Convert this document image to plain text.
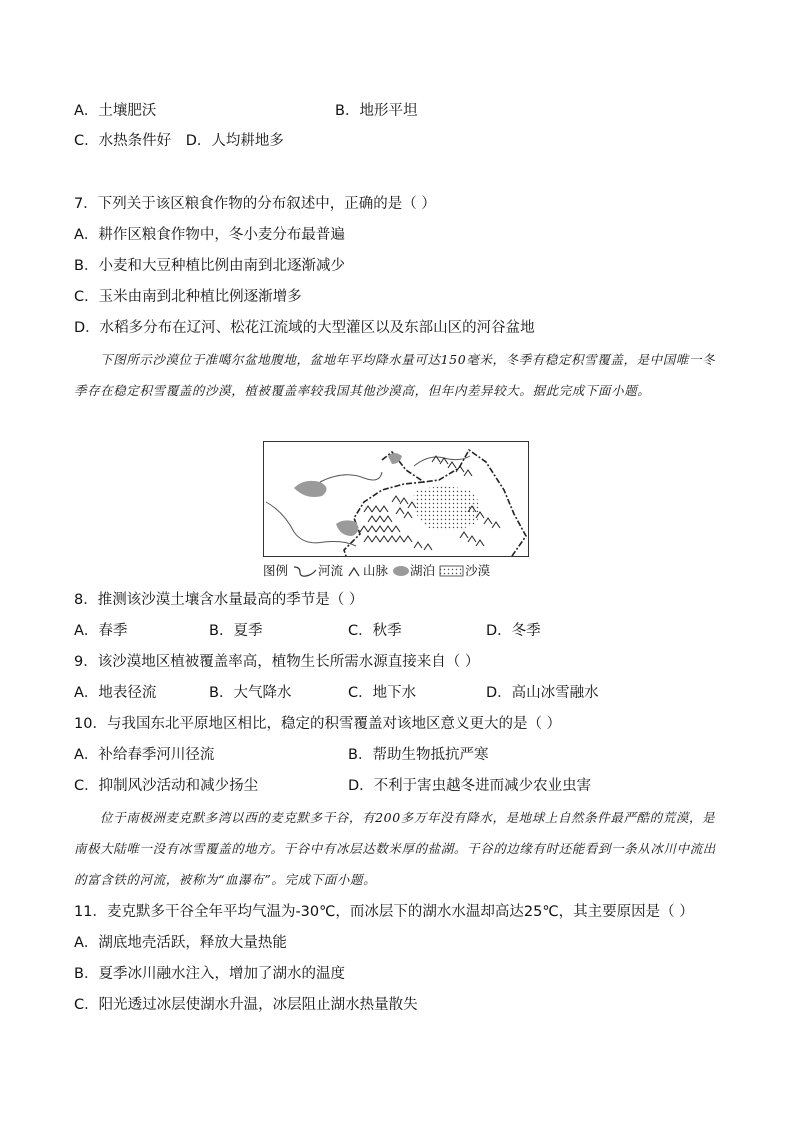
A．土壤肥沃	B．地形平坦
C．水热条件好 D．人均耕地多
7．下列关于该区粮食作物的分布叙述中，正确的是（ ）
A．耕作区粮食作物中，冬小麦分布最普遍
B．小麦和大豆种植比例由南到北逐渐减少
C．玉米由南到北种植比例逐渐增多
D．水稻多分布在辽河、松花江流域的大型灌区以及东部山区的河谷盆地
下图所示沙漠位于准噶尔盆地腹地，盆地年平均降水量可达150毫米，冬季有稳定积雪覆盖，是中国唯一冬季存在稳定积雪覆盖的沙漠，植被覆盖率较我国其他沙漠高，但年内差异较大。据此完成下面小题。
图例 河流 山脉 湖泊 沙漠
8．推测该沙漠土壤含水量最高的季节是（ ）
A．春季	B．夏季	C．秋季	D．冬季
9．该沙漠地区植被覆盖率高，植物生长所需水源直接来自（ ）
A．地表径流	B．大气降水	C．地下水	D．高山冰雪融水
10．与我国东北平原地区相比，稳定的积雪覆盖对该地区意义更大的是（ ）
A．补给春季河川径流	B．帮助生物抵抗严寒
C．抑制风沙活动和减少扬尘	D．不利于害虫越冬进而减少农业虫害
位于南极洲麦克默多湾以西的麦克默多干谷，有200多万年没有降水，是地球上自然条件最严酷的荒漠，是南极大陆唯一没有冰雪覆盖的地方。干谷中有冰层达数米厚的盐湖。干谷的边缘有时还能看到一条从冰川中流出的富含铁的河流，被称为“血瀑布”。完成下面小题。
11．麦克默多干谷全年平均气温为-30℃，而冰层下的湖水水温却高达25℃，其主要原因是（ ）
A．湖底地壳活跃，释放大量热能
B．夏季冰川融水注入，增加了湖水的温度
C．阳光透过冰层使湖水升温，冰层阻止湖水热量散失
